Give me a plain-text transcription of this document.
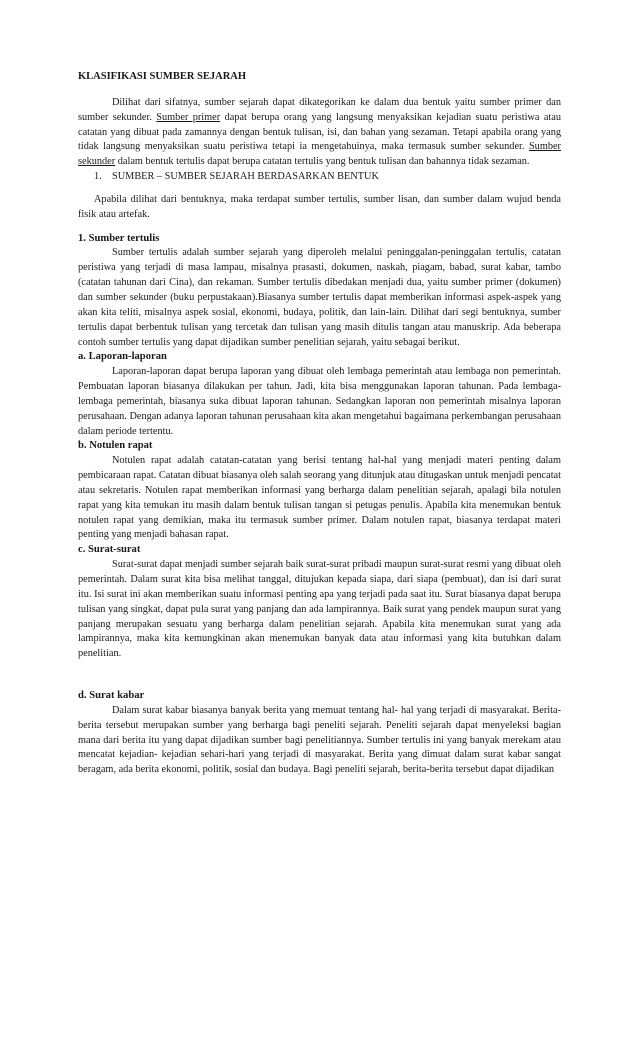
KLASIFIKASI SUMBER SEJARAH

Dilihat dari sifatnya, sumber sejarah dapat dikategorikan ke dalam dua bentuk yaitu sumber primer dan sumber sekunder. Sumber primer dapat berupa orang yang langsung menyaksikan kejadian suatu peristiwa atau catatan yang dibuat pada zamannya dengan bentuk tulisan, isi, dan bahan yang sezaman. Tetapi apabila orang yang tidak langsung menyaksikan suatu peristiwa tetapi ia mengetahuinya, maka termasuk sumber sekunder. Sumber sekunder dalam bentuk tertulis dapat berupa catatan tertulis yang bentuk tulisan dan bahannya tidak sezaman.

1. SUMBER – SUMBER SEJARAH BERDASARKAN BENTUK

Apabila dilihat dari bentuknya, maka terdapat sumber tertulis, sumber lisan, dan sumber dalam wujud benda fisik atau artefak.

1. Sumber tertulis

Sumber tertulis adalah sumber sejarah yang diperoleh melalui peninggalan-peninggalan tertulis, catatan peristiwa yang terjadi di masa lampau, misalnya prasasti, dokumen, naskah, piagam, babad, surat kabar, tambo (catatan tahunan dari Cina), dan rekaman. Sumber tertulis dibedakan menjadi dua, yaitu sumber primer (dokumen) dan sumber sekunder (buku perpustakaan).Biasanya sumber tertulis dapat memberikan informasi aspek-aspek yang akan kita teliti, misalnya aspek sosial, ekonomi, budaya, politik, dan lain-lain. Dilihat dari segi bentuknya, sumber tertulis dapat berbentuk tulisan yang tercetak dan tulisan yang masih ditulis tangan atau manuskrip. Ada beberapa contoh sumber tertulis yang dapat dijadikan sumber penelitian sejarah, yaitu sebagai berikut.

a. Laporan-laporan

Laporan-laporan dapat berupa laporan yang dibuat oleh lembaga pemerintah atau lembaga non pemerintah. Pembuatan laporan biasanya dilakukan per tahun. Jadi, kita bisa menggunakan laporan tahunan. Pada lembaga-lembaga pemerintah, biasanya suka dibuat laporan tahunan. Sedangkan laporan non pemerintah misalnya laporan perusahaan. Dengan adanya laporan tahunan perusahaan kita akan mengetahui bagaimana perkembangan perusahaan dalam periode tertentu.

b. Notulen rapat

Notulen rapat adalah catatan-catatan yang berisi tentang hal-hal yang menjadi materi penting dalam pembicaraan rapat. Catatan dibuat biasanya oleh salah seorang yang ditunjuk atau ditugaskan untuk menjadi pencatat atau sekretaris. Notulen rapat memberikan informasi yang berharga dalam penelitian sejarah, apalagi bila notulen rapat yang kita temukan itu masih dalam bentuk tulisan tangan si petugas penulis. Apabila kita menemukan bentuk notulen rapat yang demikian, maka itu termasuk sumber primer. Dalam notulen rapat, biasanya terdapat materi penting yang menjadi bahasan rapat.

c. Surat-surat

Surat-surat dapat menjadi sumber sejarah baik surat-surat pribadi maupun surat-surat resmi yang dibuat oleh pemerintah. Dalam surat kita bisa melihat tanggal, ditujukan kepada siapa, dari siapa (pembuat), dan isi dari surat itu. Isi surat ini akan memberikan suatu informasi penting apa yang terjadi pada saat itu. Surat biasanya dapat berupa tulisan yang singkat, dapat pula surat yang panjang dan ada lampirannya. Baik surat yang pendek maupun surat yang panjang merupakan sesuatu yang berharga dalam penelitian sejarah. Apabila kita menemukan surat yang ada lampirannya, maka kita kemungkinan akan menemukan banyak data atau informasi yang kita butuhkan dalam penelitian.

d. Surat kabar

Dalam surat kabar biasanya banyak berita yang memuat tentang hal- hal yang terjadi di masyarakat. Berita-berita tersebut merupakan sumber yang berharga bagi peneliti sejarah. Peneliti sejarah dapat menyeleksi bagian mana dari berita itu yang dapat dijadikan sumber bagi penelitiannya. Sumber tertulis ini yang banyak merekam atau mencatat kejadian- kejadian sehari-hari yang terjadi di masyarakat. Berita yang dimuat dalam surat kabar sangat beragam, ada berita ekonomi, politik, sosial dan budaya. Bagi peneliti sejarah, berita-berita tersebut dapat dijadikan
